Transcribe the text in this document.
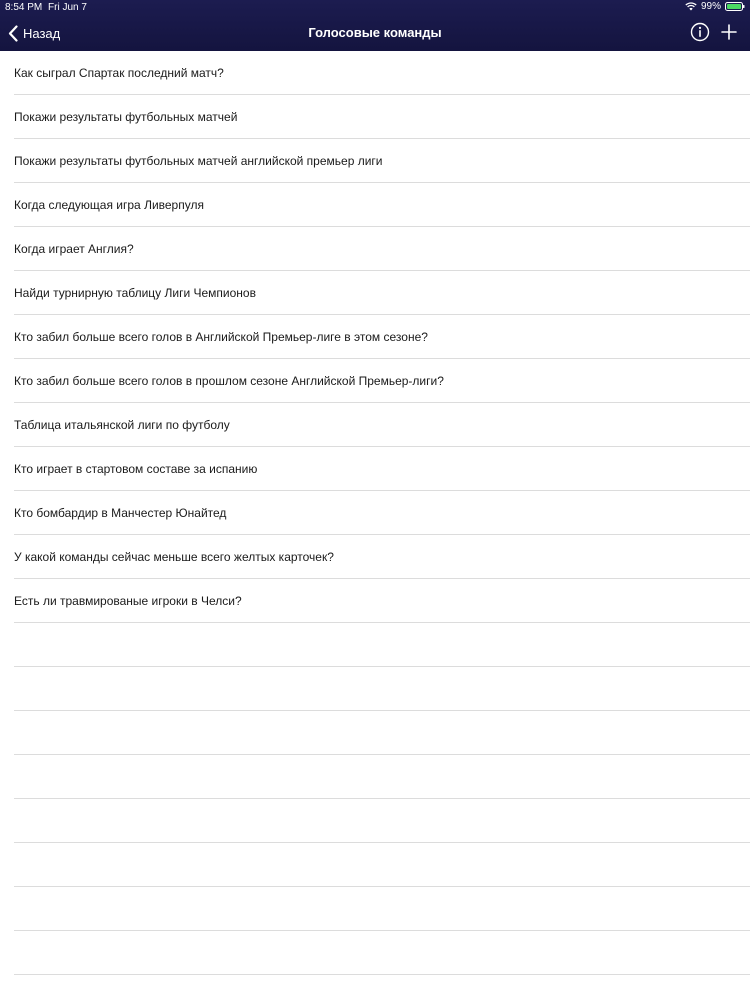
8:54 PM Fri Jun 7	99%
Назад	Голосовые команды
Как сыграл Спартак последний матч?
Покажи результаты футбольных матчей
Покажи результаты футбольных матчей английской премьер лиги
Когда следующая игра Ливерпуля
Когда играет Англия?
Найди турнирную таблицу Лиги Чемпионов
Кто забил больше всего голов в Английской Премьер-лиге в этом сезоне?
Кто забил больше всего голов в прошлом сезоне Английской Премьер-лиги?
Таблица итальянской лиги по футболу
Кто играет в стартовом составе за испанию
Кто бомбардир в Манчестер Юнайтед
У какой команды сейчас меньше всего желтых карточек?
Есть ли травмированые игроки в Челси?
